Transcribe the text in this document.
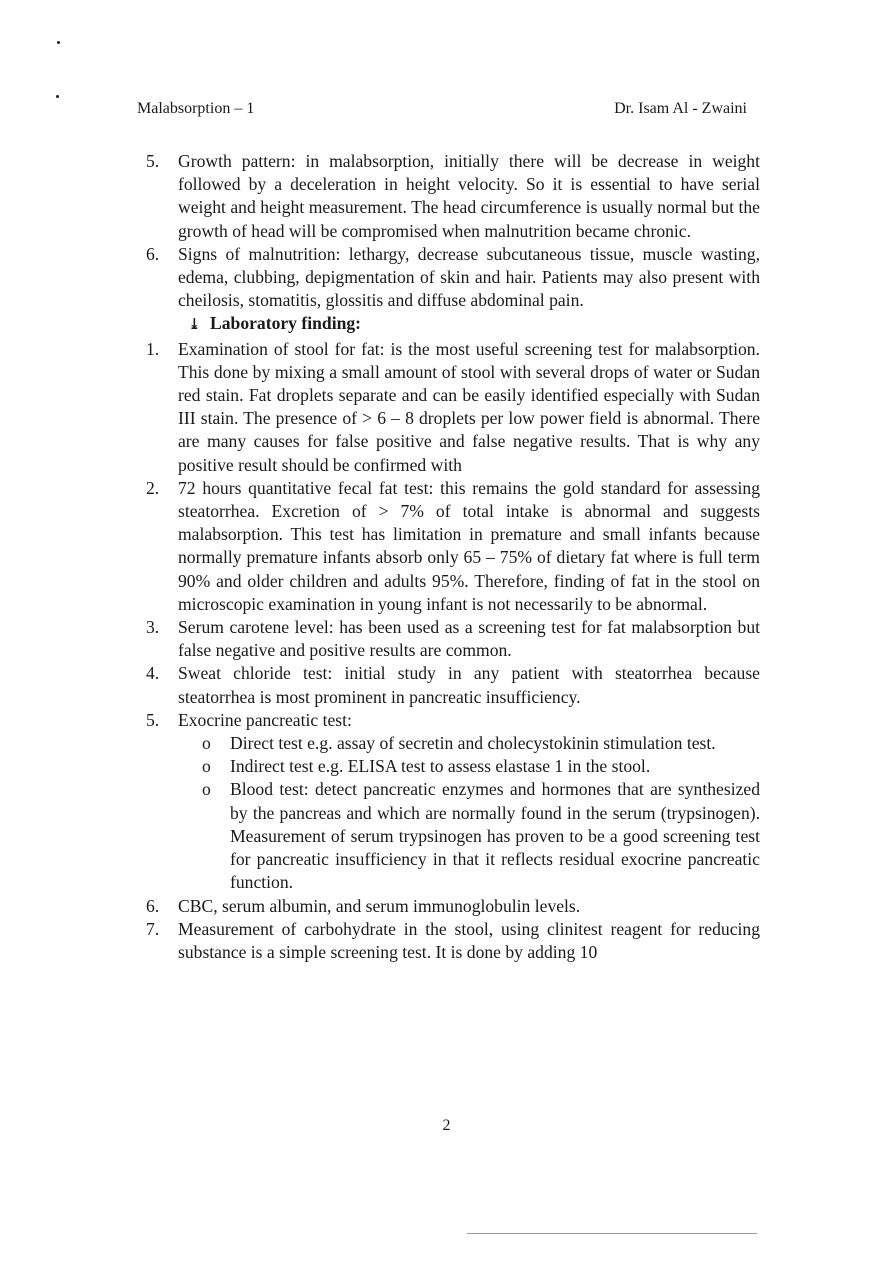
Malabsorption – 1	Dr. Isam Al - Zwaini
5. Growth pattern: in malabsorption, initially there will be decrease in weight followed by a deceleration in height velocity. So it is essential to have serial weight and height measurement. The head circumference is usually normal but the growth of head will be compromised when malnutrition became chronic.
6. Signs of malnutrition: lethargy, decrease subcutaneous tissue, muscle wasting, edema, clubbing, depigmentation of skin and hair. Patients may also present with cheilosis, stomatitis, glossitis and diffuse abdominal pain.
⤓ Laboratory finding:
1. Examination of stool for fat: is the most useful screening test for malabsorption. This done by mixing a small amount of stool with several drops of water or Sudan red stain. Fat droplets separate and can be easily identified especially with Sudan III stain. The presence of > 6 – 8 droplets per low power field is abnormal. There are many causes for false positive and false negative results. That is why any positive result should be confirmed with
2. 72 hours quantitative fecal fat test: this remains the gold standard for assessing steatorrhea. Excretion of > 7% of total intake is abnormal and suggests malabsorption. This test has limitation in premature and small infants because normally premature infants absorb only 65 – 75% of dietary fat where is full term 90% and older children and adults 95%. Therefore, finding of fat in the stool on microscopic examination in young infant is not necessarily to be abnormal.
3. Serum carotene level: has been used as a screening test for fat malabsorption but false negative and positive results are common.
4. Sweat chloride test: initial study in any patient with steatorrhea because steatorrhea is most prominent in pancreatic insufficiency.
5. Exocrine pancreatic test:
o Direct test e.g. assay of secretin and cholecystokinin stimulation test.
o Indirect test e.g. ELISA test to assess elastase 1 in the stool.
o Blood test: detect pancreatic enzymes and hormones that are synthesized by the pancreas and which are normally found in the serum (trypsinogen). Measurement of serum trypsinogen has proven to be a good screening test for pancreatic insufficiency in that it reflects residual exocrine pancreatic function.
6. CBC, serum albumin, and serum immunoglobulin levels.
7. Measurement of carbohydrate in the stool, using clinitest reagent for reducing substance is a simple screening test. It is done by adding 10
2
